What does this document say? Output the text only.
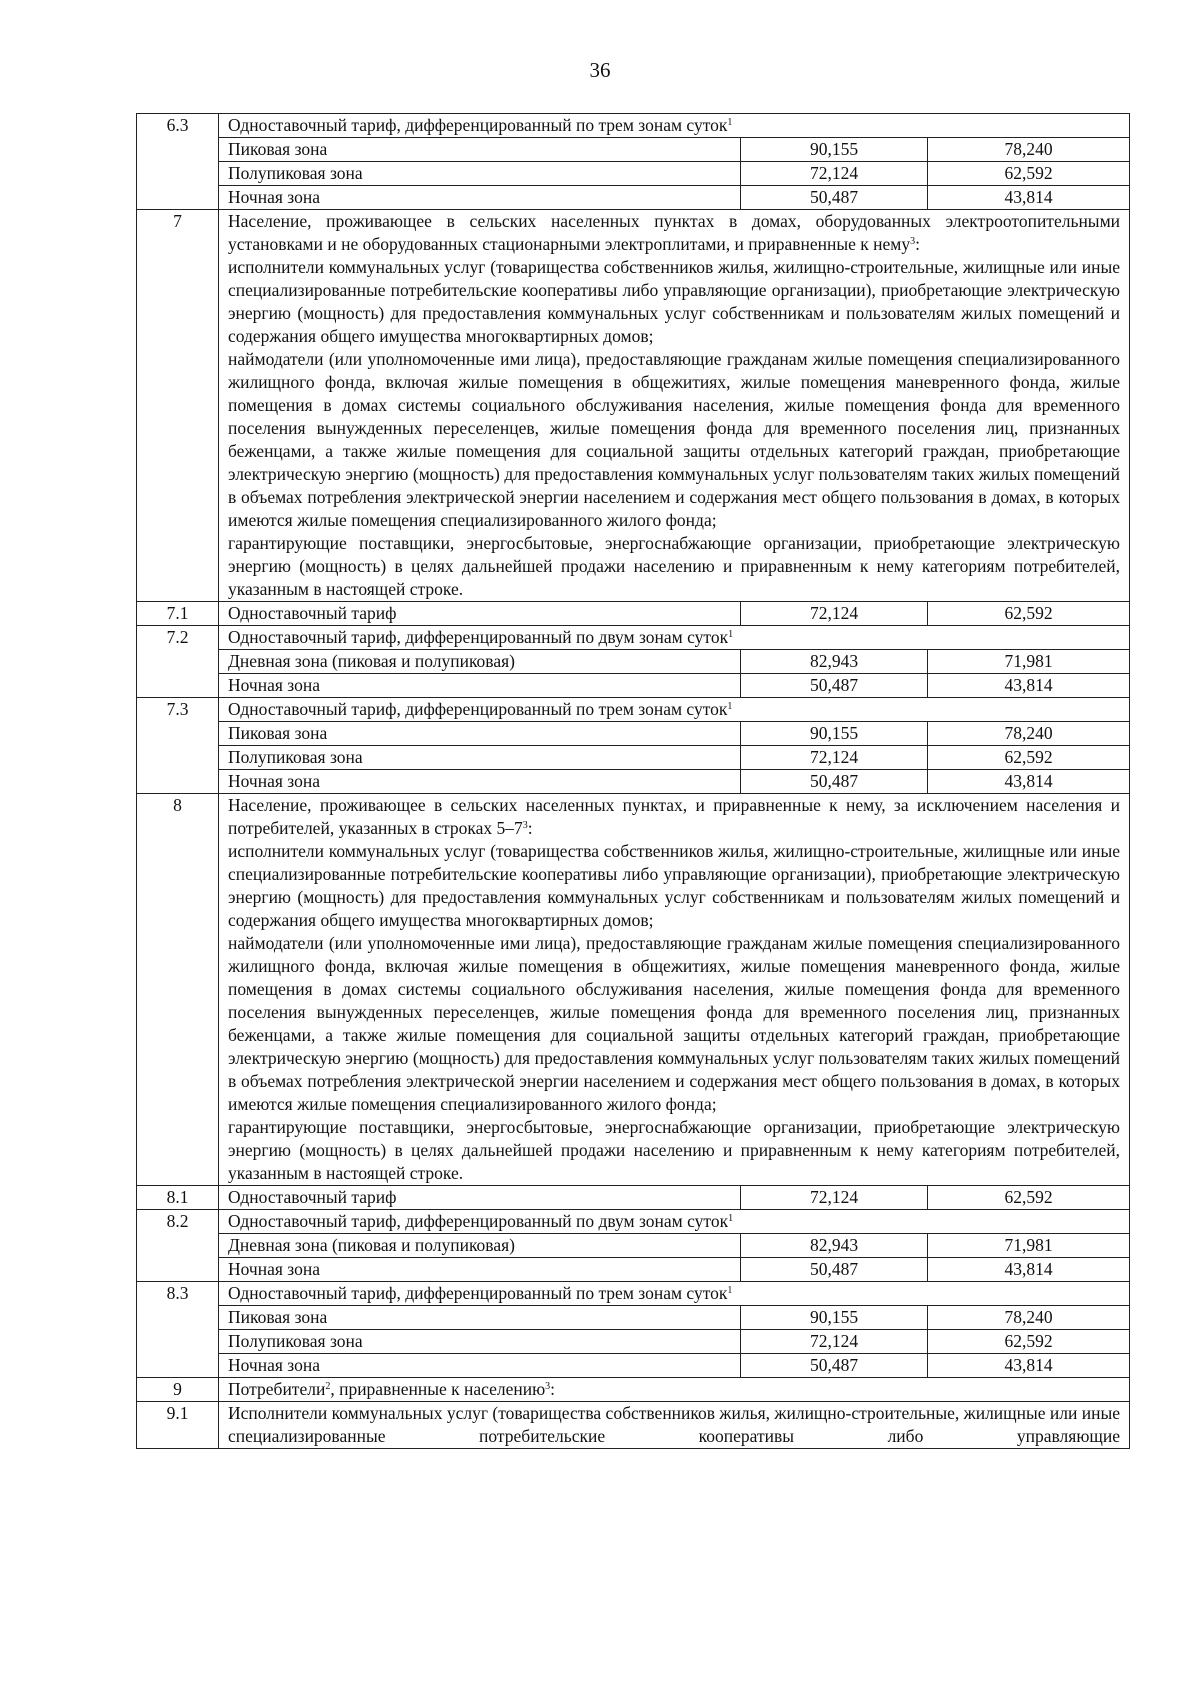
36
6.3	Одноставочный тариф, дифференцированный по трем зонам суток$^1$
	Пиковая зона	90,155	78,240
	Полупиковая зона	72,124	62,592
	Ночная зона	50,487	43,814
7	Население, проживающее в сельских населенных пунктах в домах, оборудованных электроотопительными установками и не оборудованных стационарными электроплитами, и приравненные к нему$^3$:

исполнители коммунальных услуг (товарищества собственников жилья, жилищно-строительные, жилищные или иные специализированные потребительские кооперативы либо управляющие организации), приобретающие электрическую энергию (мощность) для предоставления коммунальных услуг собственникам и пользователям жилых помещений и содержания общего имущества многоквартирных домов;

наймодатели (или уполномоченные ими лица), предоставляющие гражданам жилые помещения специализированного жилищного фонда, включая жилые помещения в общежитиях, жилые помещения маневренного фонда, жилые помещения в домах системы социального обслуживания населения, жилые помещения фонда для временного поселения вынужденных переселенцев, жилые помещения фонда для временного поселения лиц, признанных беженцами, а также жилые помещения для социальной защиты отдельных категорий граждан, приобретающие электрическую энергию (мощность) для предоставления коммунальных услуг пользователям таких жилых помещений в объемах потребления электрической энергии населением и содержания мест общего пользования в домах, в которых имеются жилые помещения специализированного жилого фонда;

гарантирующие поставщики, энергосбытовые, энергоснабжающие организации, приобретающие электрическую энергию (мощность) в целях дальнейшей продажи населению и приравненным к нему категориям потребителей, указанным в настоящей строке.		

7.1	Одноставочный тариф	72,124	62,592
7.2	Одноставочный тариф, дифференцированный по двум зонам суток$^1$
	Дневная зона (пиковая и полупиковая)	82,943	71,981
	Ночная зона	50,487	43,814
7.3	Одноставочный тариф, дифференцированный по трем зонам суток$^1$
	Пиковая зона	90,155	78,240
	Полупиковая зона	72,124	62,592
	Ночная зона	50,487	43,814
8	Население, проживающее в сельских населенных пунктах, и приравненные к нему, за исключением населения и потребителей, указанных в строках $5-7^3$:

исполнители коммунальных услуг (товарищества собственников жилья, жилищно-строительные, жилищные или иные специализированные потребительские кооперативы либо управляющие организации), приобретающие электрическую энергию (мощность) для предоставления коммунальных услуг собственникам и пользователям жилых помещений и содержания общего имущества многоквартирных домов;

наймодатели (или уполномоченные ими лица), предоставляющие гражданам жилые помещения специализированного жилищного фонда, включая жилые помещения в общежитиях, жилые помещения маневренного фонда, жилые помещения в домах системы социального обслуживания населения, жилые помещения фонда для временного поселения вынужденных переселенцев, жилые помещения фонда для временного поселения лиц, признанных беженцами, а также жилые помещения для социальной защиты отдельных категорий граждан, приобретающие электрическую энергию (мощность) для предоставления коммунальных услуг пользователям таких жилых помещений в объемах потребления электрической энергии населением и содержания мест общего пользования в домах, в которых имеются жилые помещения специализированного жилого фонда;

гарантирующие поставщики, энергосбытовые, энергоснабжающие организации, приобретающие электрическую энергию (мощность) в целях дальнейшей продажи населению и приравненным к нему категориям потребителей, указанным в настоящей строке.		

8.1	Одноставочный тариф	72,124	62,592
8.2	Одноставочный тариф, дифференцированный по двум зонам суток$^1$
	Дневная зона (пиковая и полупиковая)	82,943	71,981
	Ночная зона	50,487	43,814
8.3	Одноставочный тариф, дифференцированный по трем зонам суток$^1$
	Пиковая зона	90,155	78,240
	Полупиковая зона	72,124	62,592
	Ночная зона	50,487	43,814
9	Потребители$^2$, приравненные к населению$^3$:		
9.1	Исполнители коммунальных услуг (товарищества собственников жилья, жилищно-строительные, жилищные или иные специализированные потребительские кооперативы либо управляющие		
